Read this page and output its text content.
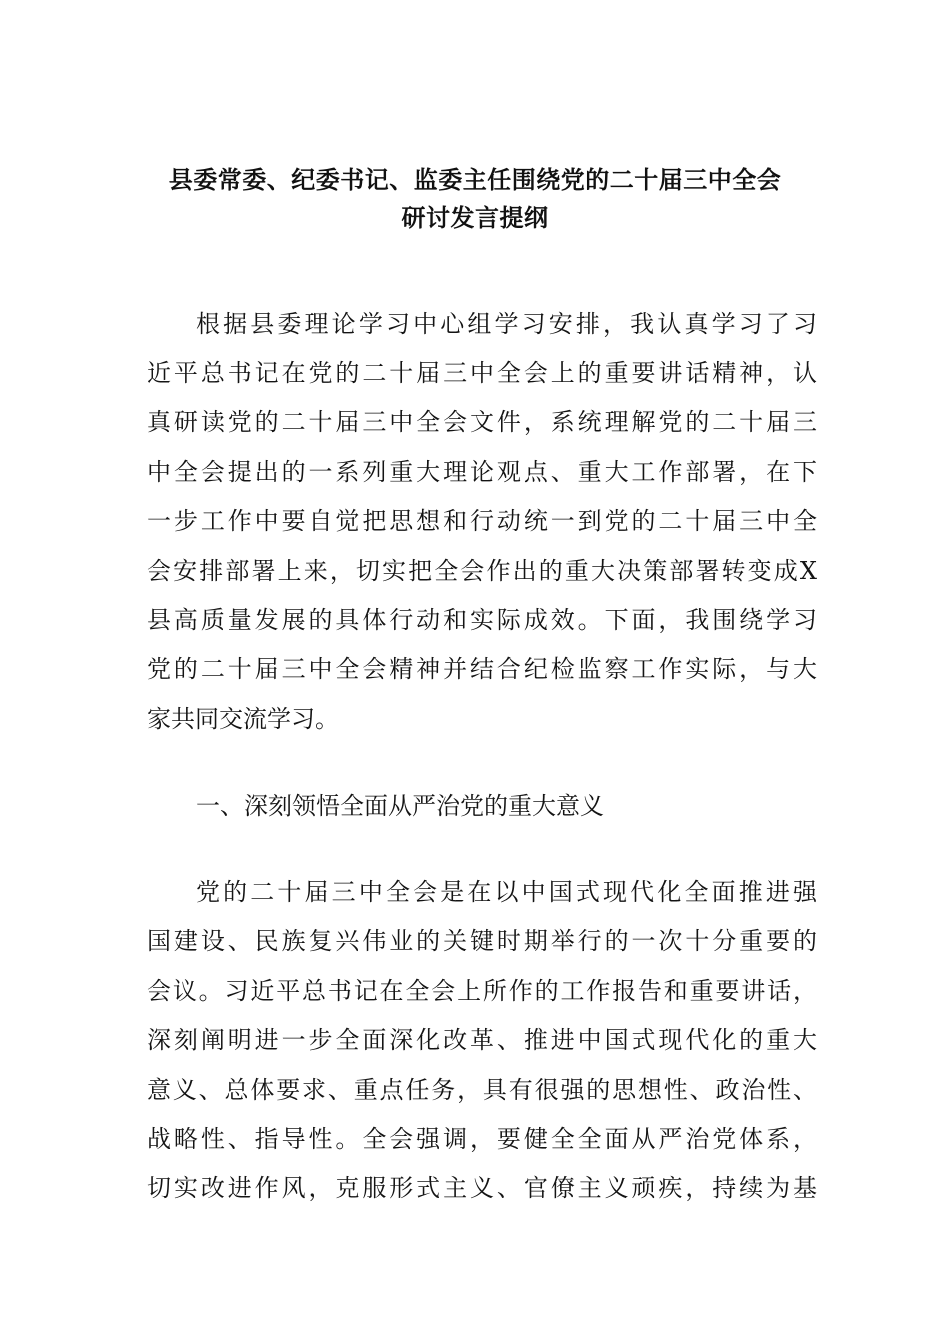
县委常委、纪委书记、监委主任围绕党的二十届三中全会
研讨发言提纲
根据县委理论学习中心组学习安排，我认真学习了习
近平总书记在党的二十届三中全会上的重要讲话精神，认
真研读党的二十届三中全会文件，系统理解党的二十届三
中全会提出的一系列重大理论观点、重大工作部署，在下
一步工作中要自觉把思想和行动统一到党的二十届三中全
会安排部署上来，切实把全会作出的重大决策部署转变成X
县高质量发展的具体行动和实际成效。下面，我围绕学习
党的二十届三中全会精神并结合纪检监察工作实际，与大
家共同交流学习。
一、深刻领悟全面从严治党的重大意义
党的二十届三中全会是在以中国式现代化全面推进强
国建设、民族复兴伟业的关键时期举行的一次十分重要的
会议。习近平总书记在全会上所作的工作报告和重要讲话，
深刻阐明进一步全面深化改革、推进中国式现代化的重大
意义、总体要求、重点任务，具有很强的思想性、政治性、
战略性、指导性。全会强调，要健全全面从严治党体系，
切实改进作风，克服形式主义、官僚主义顽疾，持续为基
